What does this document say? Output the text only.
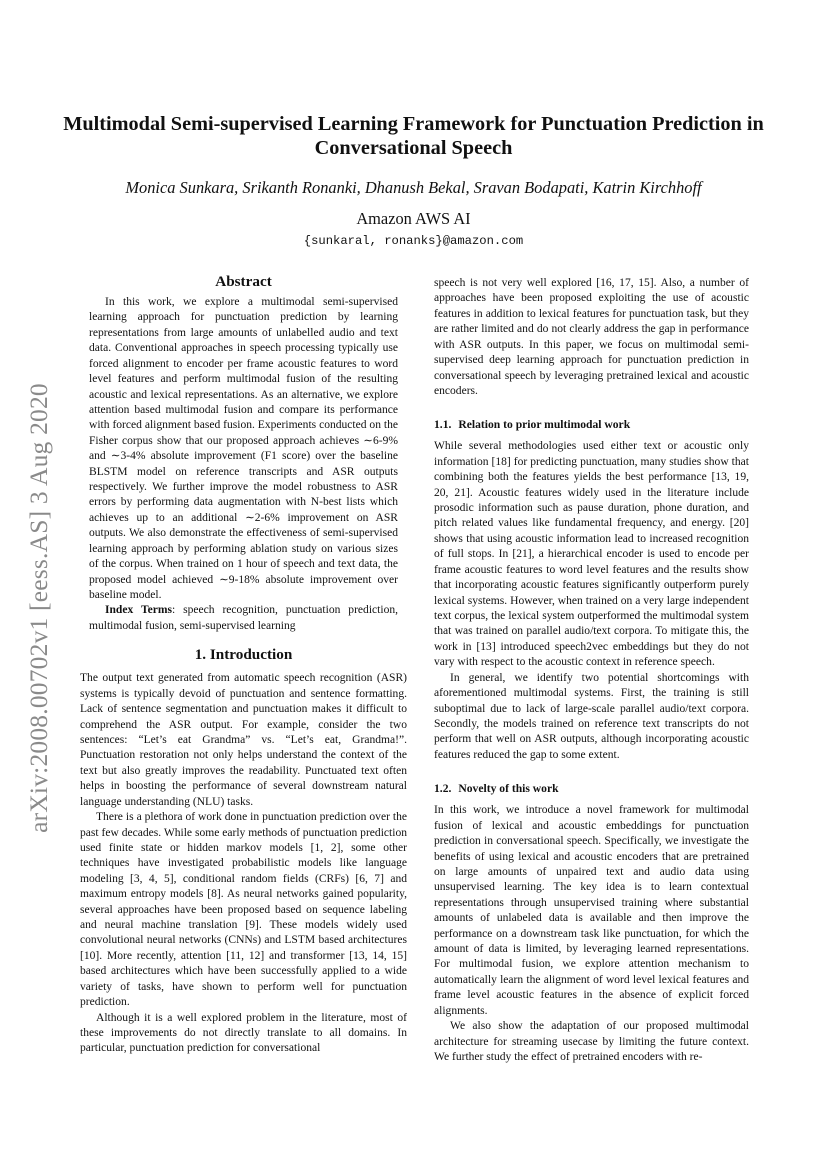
arXiv:2008.00702v1 [eess.AS] 3 Aug 2020
Multimodal Semi-supervised Learning Framework for Punctuation Prediction in Conversational Speech
Monica Sunkara, Srikanth Ronanki, Dhanush Bekal, Sravan Bodapati, Katrin Kirchhoff
Amazon AWS AI
{sunkaral, ronanks}@amazon.com
Abstract

In this work, we explore a multimodal semi-supervised learning approach for punctuation prediction by learning representations from large amounts of unlabelled audio and text data. Conventional approaches in speech processing typically use forced alignment to encoder per frame acoustic features to word level features and perform multimodal fusion of the resulting acoustic and lexical representations. As an alternative, we explore attention based multimodal fusion and compare its performance with forced alignment based fusion. Experiments conducted on the Fisher corpus show that our proposed approach achieves ∼6-9% and ∼3-4% absolute improvement (F1 score) over the baseline BLSTM model on reference transcripts and ASR outputs respectively. We further improve the model robustness to ASR errors by performing data augmentation with N-best lists which achieves up to an additional ∼2-6% improvement on ASR outputs. We also demonstrate the effectiveness of semi-supervised learning approach by performing ablation study on various sizes of the corpus. When trained on 1 hour of speech and text data, the proposed model achieved ∼9-18% absolute improvement over baseline model.

Index Terms: speech recognition, punctuation prediction, multimodal fusion, semi-supervised learning

1. Introduction

The output text generated from automatic speech recognition (ASR) systems is typically devoid of punctuation and sentence formatting. Lack of sentence segmentation and punctuation makes it difficult to comprehend the ASR output. For example, consider the two sentences: “Let’s eat Grandma” vs. “Let’s eat, Grandma!”. Punctuation restoration not only helps understand the context of the text but also greatly improves the readability. Punctuated text often helps in boosting the performance of several downstream natural language understanding (NLU) tasks.

There is a plethora of work done in punctuation prediction over the past few decades. While some early methods of punctuation prediction used finite state or hidden markov models [1, 2], some other techniques have investigated probabilistic models like language modeling [3, 4, 5], conditional random fields (CRFs) [6, 7] and maximum entropy models [8]. As neural networks gained popularity, several approaches have been proposed based on sequence labeling and neural machine translation [9]. These models widely used convolutional neural networks (CNNs) and LSTM based architectures [10]. More recently, attention [11, 12] and transformer [13, 14, 15] based architectures which have been successfully applied to a wide variety of tasks, have shown to perform well for punctuation prediction.

Although it is a well explored problem in the literature, most of these improvements do not directly translate to all domains. In particular, punctuation prediction for conversational

speech is not very well explored [16, 17, 15]. Also, a number of approaches have been proposed exploiting the use of acoustic features in addition to lexical features for punctuation task, but they are rather limited and do not clearly address the gap in performance with ASR outputs. In this paper, we focus on multimodal semi-supervised deep learning approach for punctuation prediction in conversational speech by leveraging pretrained lexical and acoustic encoders.

1.1. Relation to prior multimodal work

While several methodologies used either text or acoustic only information [18] for predicting punctuation, many studies show that combining both the features yields the best performance [13, 19, 20, 21]. Acoustic features widely used in the literature include prosodic information such as pause duration, phone duration, and pitch related values like fundamental frequency, and energy. [20] shows that using acoustic information lead to increased recognition of full stops. In [21], a hierarchical encoder is used to encode per frame acoustic features to word level features and the results show that incorporating acoustic features significantly outperform purely lexical systems. However, when trained on a very large independent text corpus, the lexical system outperformed the multimodal system that was trained on parallel audio/text corpora. To mitigate this, the work in [13] introduced speech2vec embeddings but they do not vary with respect to the acoustic context in reference speech.

In general, we identify two potential shortcomings with aforementioned multimodal systems. First, the training is still suboptimal due to lack of large-scale parallel audio/text corpora. Secondly, the models trained on reference text transcripts do not perform that well on ASR outputs, although incorporating acoustic features reduced the gap to some extent.

1.2. Novelty of this work

In this work, we introduce a novel framework for multimodal fusion of lexical and acoustic embeddings for punctuation prediction in conversational speech. Specifically, we investigate the benefits of using lexical and acoustic encoders that are pretrained on large amounts of unpaired text and audio data using unsupervised learning. The key idea is to learn contextual representations through unsupervised training where substantial amounts of unlabeled data is available and then improve the performance on a downstream task like punctuation, for which the amount of data is limited, by leveraging learned representations. For multimodal fusion, we explore attention mechanism to automatically learn the alignment of word level lexical features and frame level acoustic features in the absence of explicit forced alignments.

We also show the adaptation of our proposed multimodal architecture for streaming usecase by limiting the future context. We further study the effect of pretrained encoders with re-
